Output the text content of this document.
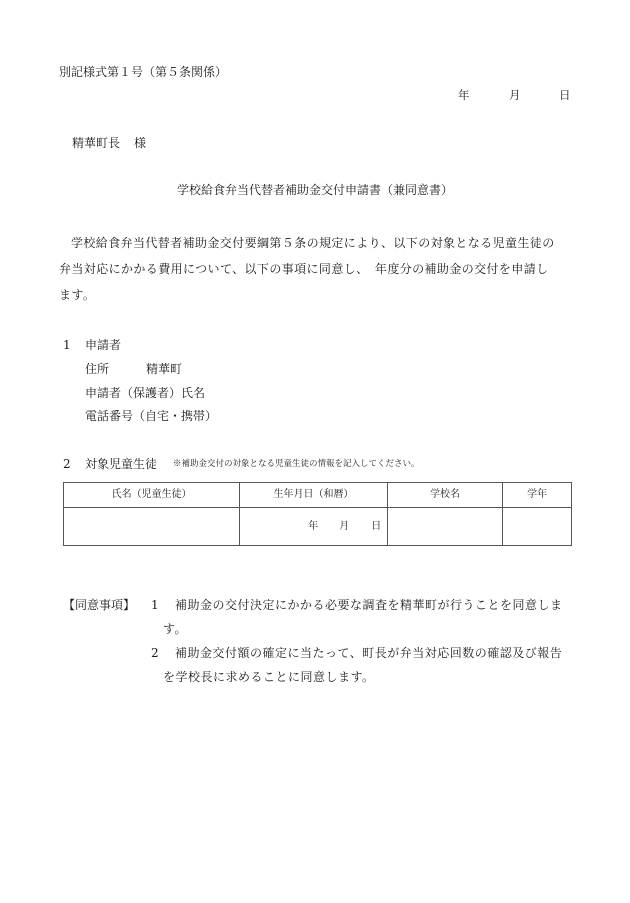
別記様式第１号（第５条関係）
年	月	日
精華町長 様
学校給食弁当代替者補助金交付申請書（兼同意書）

学校給食弁当代替者補助金交付要綱第５条の規定により、以下の対象となる児童生徒の

弁当対応にかかる費用について、以下の事項に同意し、　年度分の補助金の交付を申請し

ます。

1 申請者
住所	精華町
申請者（保護者）氏名
電話番号（自宅・携帯）
2 対象児童生徒 ※補助金交付の対象となる児童生徒の情報を記入してください。
氏名（児童生徒）	生年月日（和暦）	学校名	学年

	年 月 日		

【同意事項】 1 補助金の交付決定にかかる必要な調査を精華町が行うことを同意しま
す。
2 補助金交付額の確定に当たって、町長が弁当対応回数の確認及び報告
を学校長に求めることに同意します。
